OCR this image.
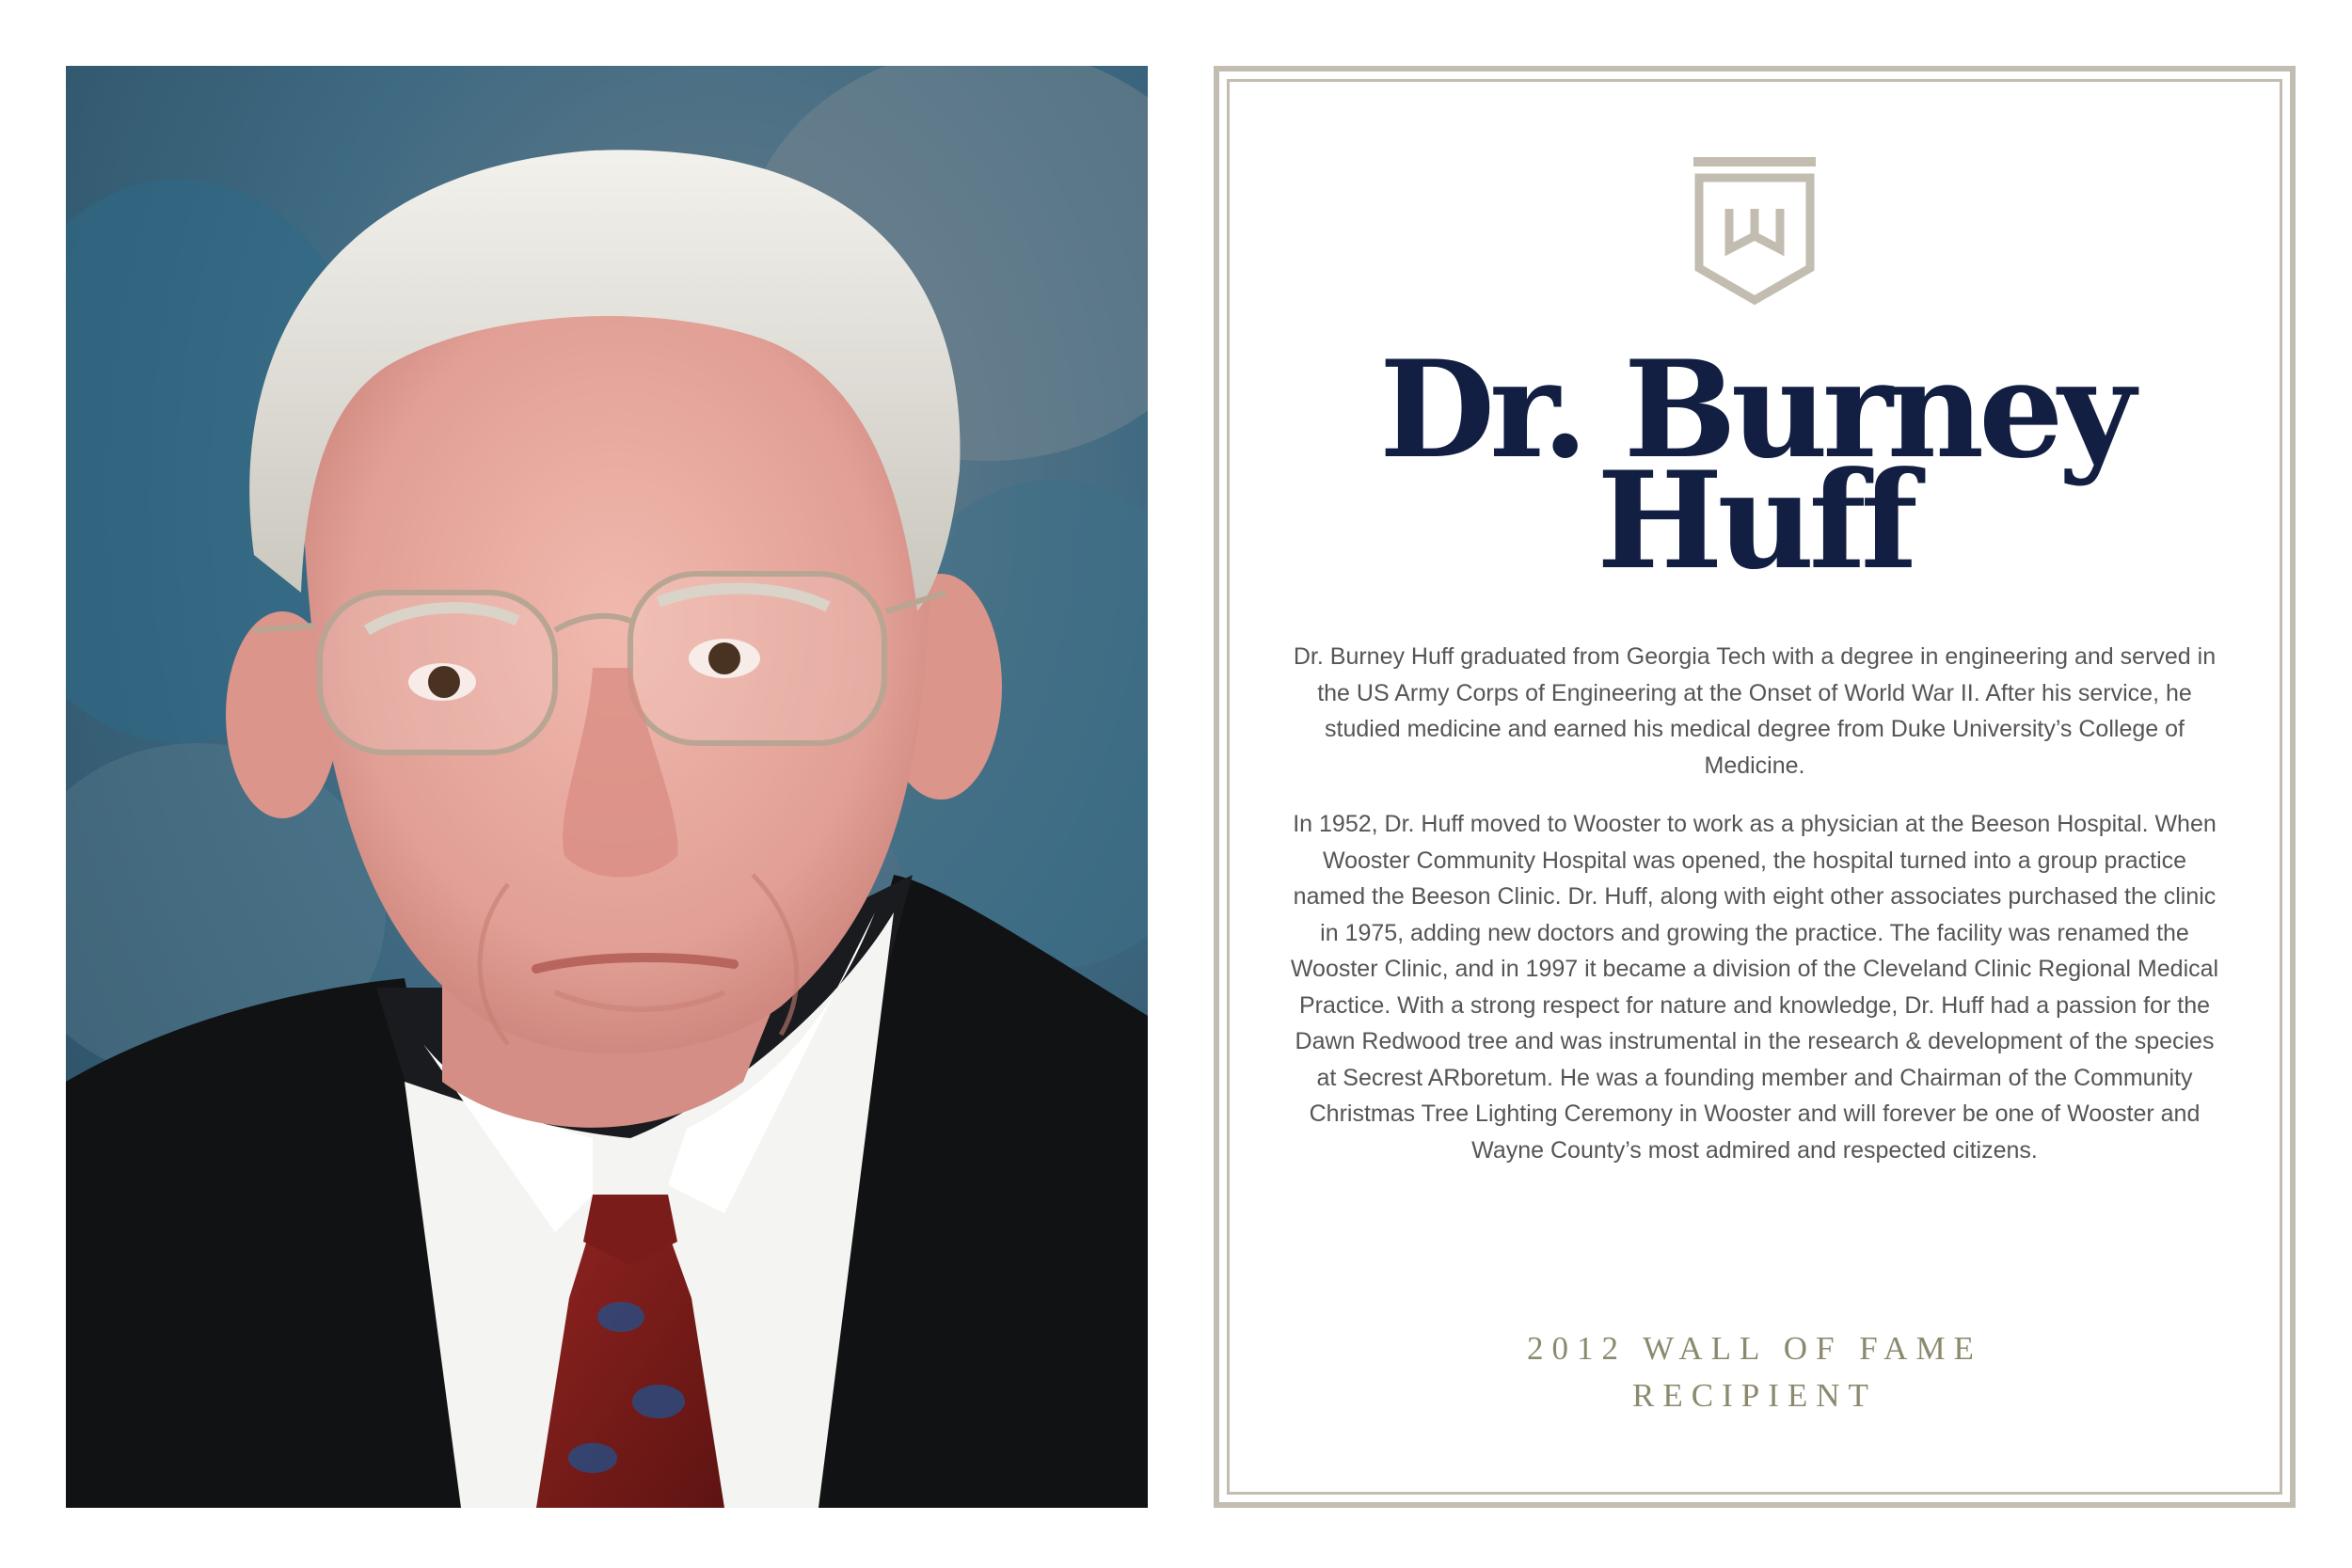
Dr. Burney
Huff

Dr. Burney Huff graduated from Georgia Tech with a degree in engineering and served in the US Army Corps of Engineering at the Onset of World War II. After his service, he studied medicine and earned his medical degree from Duke University’s College of Medicine.

In 1952, Dr. Huff moved to Wooster to work as a physician at the Beeson Hospital. When Wooster Community Hospital was opened, the hospital turned into a group practice named the Beeson Clinic. Dr. Huff, along with eight other associates purchased the clinic in 1975, adding new doctors and growing the practice. The facility was renamed the Wooster Clinic, and in 1997 it became a division of the Cleveland Clinic Regional Medical Practice. With a strong respect for nature and knowledge, Dr. Huff had a passion for the Dawn Redwood tree and was instrumental in the research & development of the species at Secrest ARboretum. He was a founding member and Chairman of the Community Christmas Tree Lighting Ceremony in Wooster and will forever be one of Wooster and Wayne County’s most admired and respected citizens.

2012 WALL OF FAME
RECIPIENT
